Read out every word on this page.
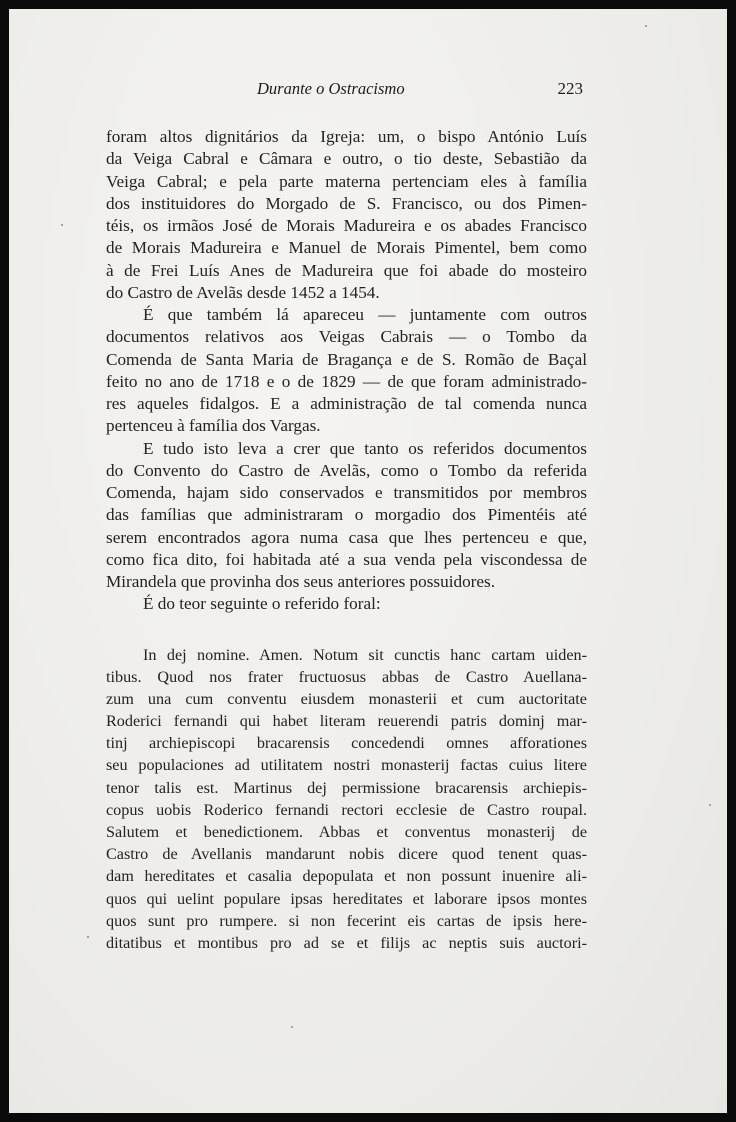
Durante o Ostracismo	223
foram altos dignitários da Igreja: um, o bispo António Luís
da Veiga Cabral e Câmara e outro, o tio deste, Sebastião da
Veiga Cabral; e pela parte materna pertenciam eles à família
dos instituidores do Morgado de S. Francisco, ou dos Pimen-
téis, os irmãos José de Morais Madureira e os abades Francisco
de Morais Madureira e Manuel de Morais Pimentel, bem como
à de Frei Luís Anes de Madureira que foi abade do mosteiro
do Castro de Avelãs desde 1452 a 1454.
É que também lá apareceu — juntamente com outros
documentos relativos aos Veigas Cabrais — o Tombo da
Comenda de Santa Maria de Bragança e de S. Romão de Baçal
feito no ano de 1718 e o de 1829 — de que foram administrado-
res aqueles fidalgos. E a administração de tal comenda nunca
pertenceu à família dos Vargas.
E tudo isto leva a crer que tanto os referidos documentos
do Convento do Castro de Avelãs, como o Tombo da referida
Comenda, hajam sido conservados e transmitidos por membros
das famílias que administraram o morgadio dos Pimentéis até
serem encontrados agora numa casa que lhes pertenceu e que,
como fica dito, foi habitada até a sua venda pela viscondessa de
Mirandela que provinha dos seus anteriores possuidores.
É do teor seguinte o referido foral:
In dej nomine. Amen. Notum sit cunctis hanc cartam uiden-
tibus. Quod nos frater fructuosus abbas de Castro Auellana-
zum una cum conventu eiusdem monasterii et cum auctoritate
Roderici fernandi qui habet literam reuerendi patris dominj mar-
tinj archiepiscopi bracarensis concedendi omnes afforationes
seu populaciones ad utilitatem nostri monasterij factas cuius litere
tenor talis est. Martinus dej permissione bracarensis archiepis-
copus uobis Roderico fernandi rectori ecclesie de Castro roupal.
Salutem et benedictionem. Abbas et conventus monasterij de
Castro de Avellanis mandarunt nobis dicere quod tenent quas-
dam hereditates et casalia depopulata et non possunt inuenire ali-
quos qui uelint populare ipsas hereditates et laborare ipsos montes
quos sunt pro rumpere. si non fecerint eis cartas de ipsis here-
ditatibus et montibus pro ad se et filijs ac neptis suis auctori-
